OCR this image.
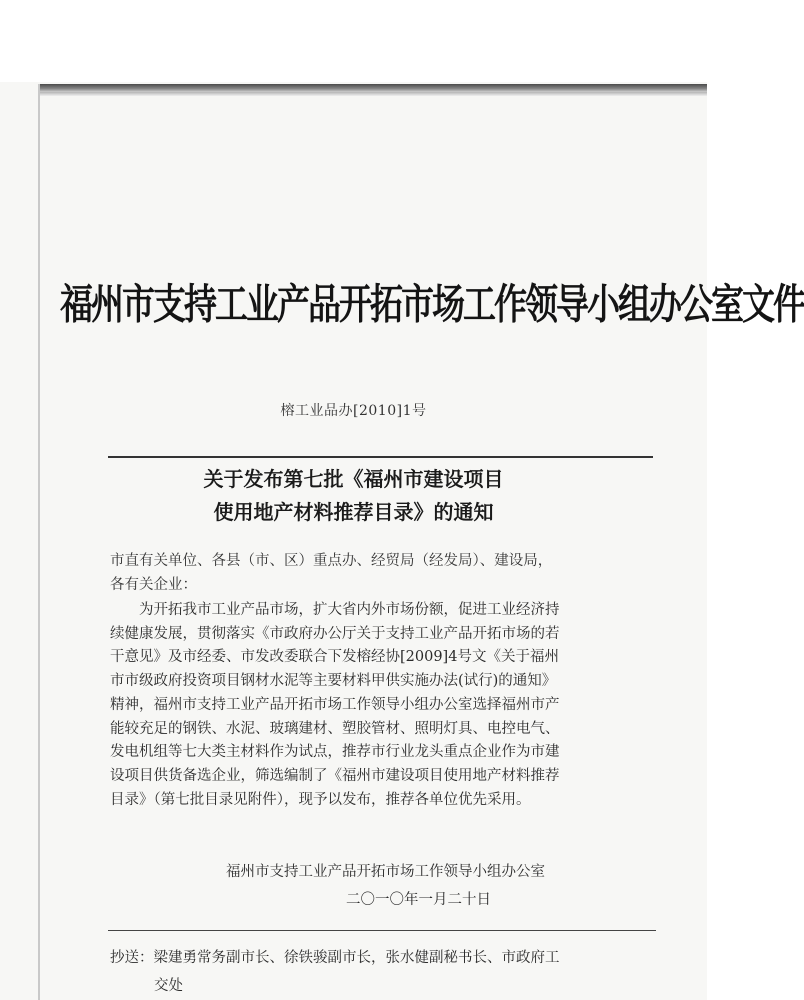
福州市支持工业产品开拓市场工作领导小组办公室文件
榕工业品办[2010]1号
关于发布第七批《福州市建设项目
使用地产材料推荐目录》的通知
市直有关单位、各县（市、区）重点办、经贸局（经发局）、建设局，
各有关企业：
为开拓我市工业产品市场，扩大省内外市场份额，促进工业经济持
续健康发展，贯彻落实《市政府办公厅关于支持工业产品开拓市场的若
干意见》及市经委、市发改委联合下发榕经协[2009]4号文《关于福州
市市级政府投资项目钢材水泥等主要材料甲供实施办法(试行)的通知》
精神，福州市支持工业产品开拓市场工作领导小组办公室选择福州市产
能较充足的钢铁、水泥、玻璃建材、塑胶管材、照明灯具、电控电气、
发电机组等七大类主材料作为试点，推荐市行业龙头重点企业作为市建
设项目供货备选企业，筛选编制了《福州市建设项目使用地产材料推荐
目录》（第七批目录见附件），现予以发布，推荐各单位优先采用。
福州市支持工业产品开拓市场工作领导小组办公室
二〇一〇年一月二十日
抄送：梁建勇常务副市长、徐铁骏副市长，张水健副秘书长、市政府工
交处
